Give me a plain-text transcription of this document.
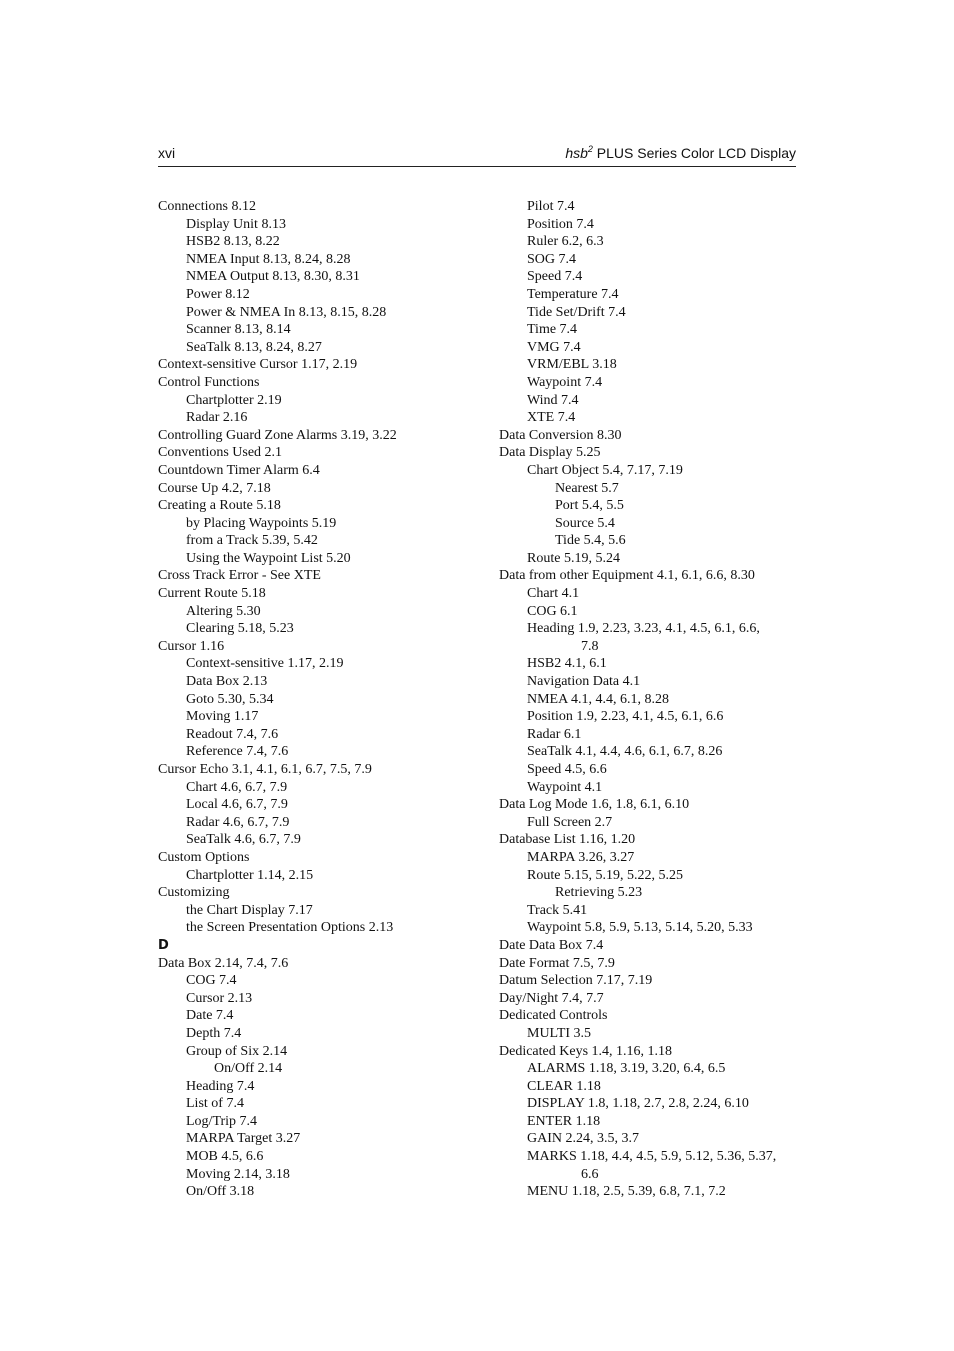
xvi	hsb$^2$ PLUS Series Color LCD Display
Connections 8.12
Display Unit 8.13
HSB2 8.13, 8.22
NMEA Input 8.13, 8.24, 8.28
NMEA Output 8.13, 8.30, 8.31
Power 8.12
Power & NMEA In 8.13, 8.15, 8.28
Scanner 8.13, 8.14
SeaTalk 8.13, 8.24, 8.27
Context-sensitive Cursor 1.17, 2.19
Control Functions
Chartplotter 2.19
Radar 2.16
Controlling Guard Zone Alarms 3.19, 3.22
Conventions Used 2.1
Countdown Timer Alarm 6.4
Course Up 4.2, 7.18
Creating a Route 5.18
by Placing Waypoints 5.19
from a Track 5.39, 5.42
Using the Waypoint List 5.20
Cross Track Error - See XTE
Current Route 5.18
Altering 5.30
Clearing 5.18, 5.23
Cursor 1.16
Context-sensitive 1.17, 2.19
Data Box 2.13
Goto 5.30, 5.34
Moving 1.17
Readout 7.4, 7.6
Reference 7.4, 7.6
Cursor Echo 3.1, 4.1, 6.1, 6.7, 7.5, 7.9
Chart 4.6, 6.7, 7.9
Local 4.6, 6.7, 7.9
Radar 4.6, 6.7, 7.9
SeaTalk 4.6, 6.7, 7.9
Custom Options
Chartplotter 1.14, 2.15
Customizing
the Chart Display 7.17
the Screen Presentation Options 2.13
D
Data Box 2.14, 7.4, 7.6
COG 7.4
Cursor 2.13
Date 7.4
Depth 7.4
Group of Six 2.14
On/Off 2.14
Heading 7.4
List of 7.4
Log/Trip 7.4
MARPA Target 3.27
MOB 4.5, 6.6
Moving 2.14, 3.18
On/Off 3.18
Pilot 7.4
Position 7.4
Ruler 6.2, 6.3
SOG 7.4
Speed 7.4
Temperature 7.4
Tide Set/Drift 7.4
Time 7.4
VMG 7.4
VRM/EBL 3.18
Waypoint 7.4
Wind 7.4
XTE 7.4
Data Conversion 8.30
Data Display 5.25
Chart Object 5.4, 7.17, 7.19
Nearest 5.7
Port 5.4, 5.5
Source 5.4
Tide 5.4, 5.6
Route 5.19, 5.24
Data from other Equipment 4.1, 6.1, 6.6, 8.30
Chart 4.1
COG 6.1
Heading 1.9, 2.23, 3.23, 4.1, 4.5, 6.1, 6.6,
7.8
HSB2 4.1, 6.1
Navigation Data 4.1
NMEA 4.1, 4.4, 6.1, 8.28
Position 1.9, 2.23, 4.1, 4.5, 6.1, 6.6
Radar 6.1
SeaTalk 4.1, 4.4, 4.6, 6.1, 6.7, 8.26
Speed 4.5, 6.6
Waypoint 4.1
Data Log Mode 1.6, 1.8, 6.1, 6.10
Full Screen 2.7
Database List 1.16, 1.20
MARPA 3.26, 3.27
Route 5.15, 5.19, 5.22, 5.25
Retrieving 5.23
Track 5.41
Waypoint 5.8, 5.9, 5.13, 5.14, 5.20, 5.33
Date Data Box 7.4
Date Format 7.5, 7.9
Datum Selection 7.17, 7.19
Day/Night 7.4, 7.7
Dedicated Controls
MULTI 3.5
Dedicated Keys 1.4, 1.16, 1.18
ALARMS 1.18, 3.19, 3.20, 6.4, 6.5
CLEAR 1.18
DISPLAY 1.8, 1.18, 2.7, 2.8, 2.24, 6.10
ENTER 1.18
GAIN 2.24, 3.5, 3.7
MARKS 1.18, 4.4, 4.5, 5.9, 5.12, 5.36, 5.37,
6.6
MENU 1.18, 2.5, 5.39, 6.8, 7.1, 7.2
